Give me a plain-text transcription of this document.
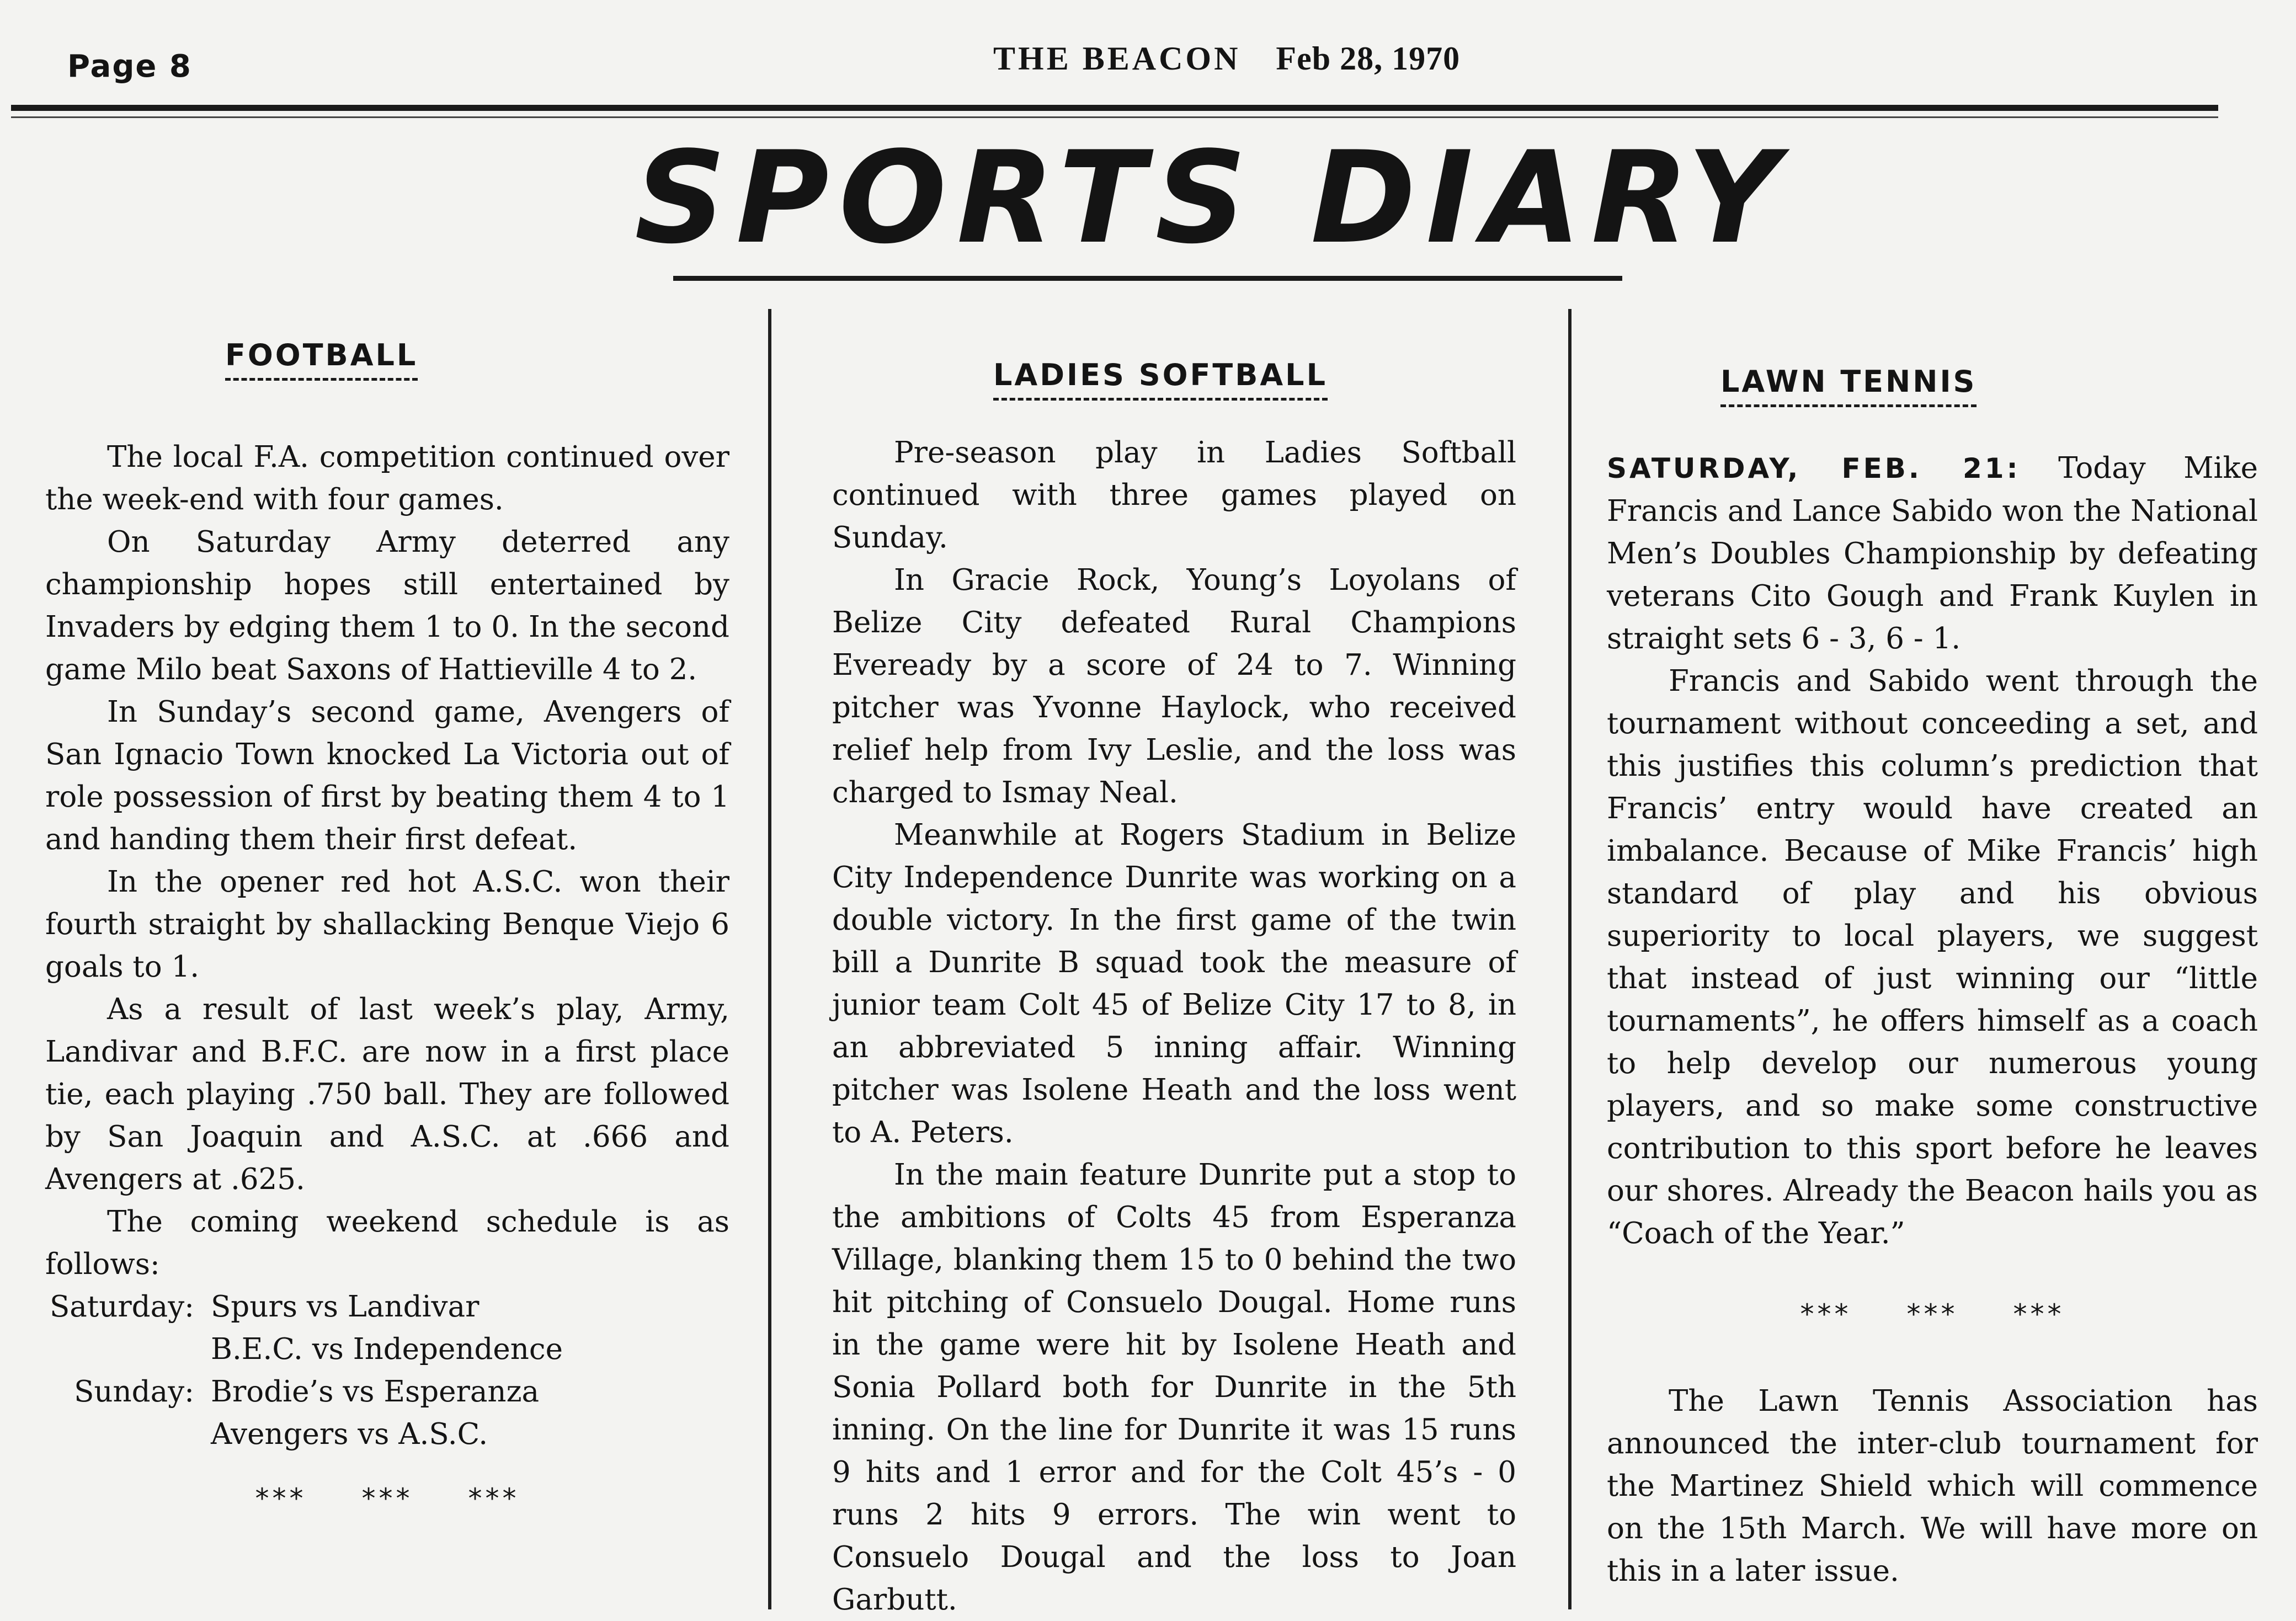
Page 8	THE BEACON Feb 28, 1970
SPORTS DIARY
FOOTBALL

The local F.A. competition continued over the week-end with four games.

On Saturday Army deterred any championship hopes still entertained by Invaders by edging them 1 to 0. In the second game Milo beat Saxons of Hattieville 4 to 2.

In Sunday’s second game, Avengers of San Ignacio Town knocked La Victoria out of role possession of first by beating them 4 to 1 and handing them their first defeat.

In the opener red hot A.S.C. won their fourth straight by shallacking Benque Viejo 6 goals to 1.

As a result of last week’s play, Army, Landivar and B.F.C. are now in a first place tie, each playing .750 ball. They are followed by San Joaquin and A.S.C. at .666 and Avengers at .625.

The coming weekend schedule is as follows:

Saturday: Spurs vs Landivar
B.E.C. vs Independence
Sunday: Brodie’s vs Esperanza
Avengers vs A.S.C.
*** *** ***
LADIES SOFTBALL

Pre-season play in Ladies Softball continued with three games played on Sunday.

In Gracie Rock, Young’s Loyolans of Belize City defeated Rural Champions Eveready by a score of 24 to 7. Winning pitcher was Yvonne Haylock, who received relief help from Ivy Leslie, and the loss was charged to Ismay Neal.

Meanwhile at Rogers Stadium in Belize City Independence Dunrite was working on a double victory. In the first game of the twin bill a Dunrite B squad took the measure of junior team Colt 45 of Belize City 17 to 8, in an abbreviated 5 inning affair. Winning pitcher was Isolene Heath and the loss went to A. Peters.

In the main feature Dunrite put a stop to the ambitions of Colts 45 from Esperanza Village, blanking them 15 to 0 behind the two hit pitching of Consuelo Dougal. Home runs in the game were hit by Isolene Heath and Sonia Pollard both for Dunrite in the 5th inning. On the line for Dunrite it was 15 runs 9 hits and 1 error and for the Colt 45’s - 0 runs 2 hits 9 errors. The win went to Consuelo Dougal and the loss to Joan Garbutt.

LAWN TENNIS

SATURDAY, FEB. 21: Today Mike Francis and Lance Sabido won the National Men’s Doubles Championship by defeating veterans Cito Gough and Frank Kuylen in straight sets 6 - 3, 6 - 1.

Francis and Sabido went through the tournament without conceeding a set, and this justifies this column’s prediction that Francis’ entry would have created an imbalance. Because of Mike Francis’ high standard of play and his obvious superiority to local players, we suggest that instead of just winning our “little tournaments”, he offers himself as a coach to help develop our numerous young players, and so make some constructive contribution to this sport before he leaves our shores. Already the Beacon hails you as “Coach of the Year.”

*** *** ***

The Lawn Tennis Association has announced the inter-club tournament for the Martinez Shield which will commence on the 15th March. We will have more on this in a later issue.
